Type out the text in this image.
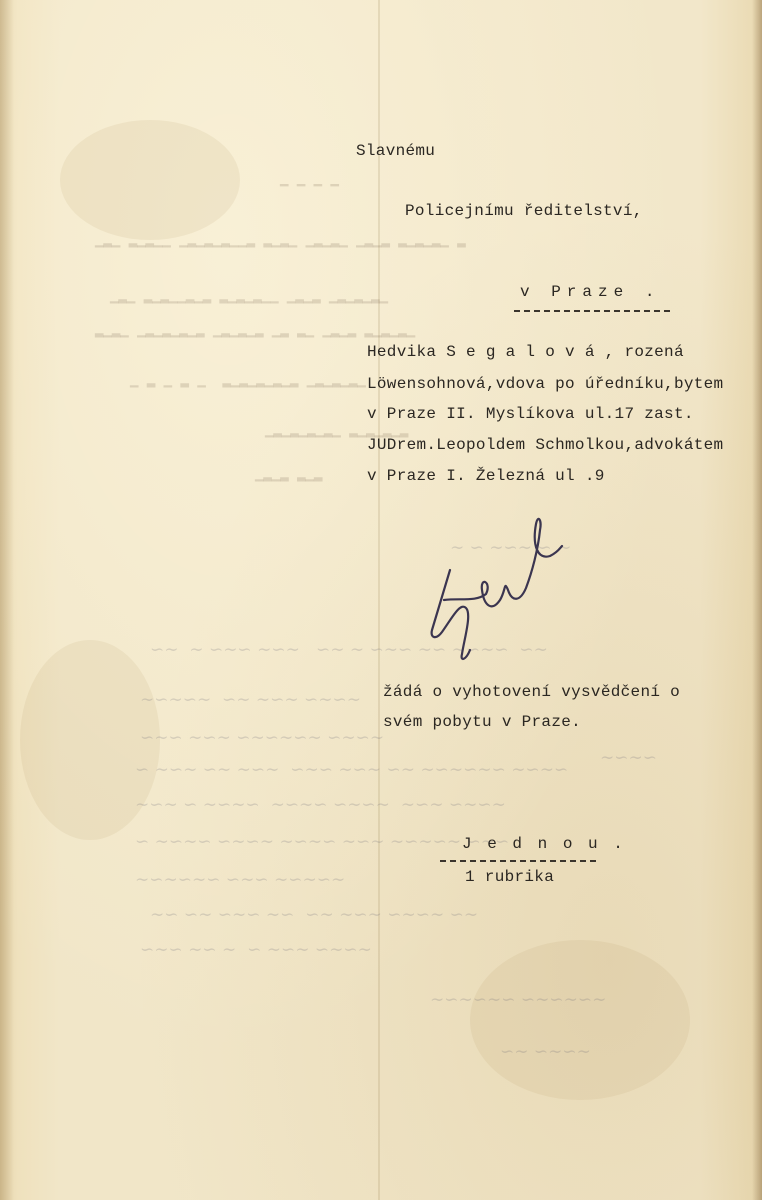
━ ━ ━ ━
▁▂▁ ▂▁▂▁▁ ▁▂▁▂▁▂▁▁▂ ▂▁▂▁ ▁▂▁▂▁ ▁▂▁▂ ▂▁▂▁▂▁ ▂
▁▂▁ ▂▁▂▁▁▂▁▂ ▂▁▂▁▂▁▁ ▁▂▁▂ ▁▂▁▂▁▂▁
▂▁▂▁ ▁▂▁▂▁▂▁▂ ▁▂▁▂▁▂ ▁▂ ▂▁ ▁▂▁▂ ▂▁▂▁▂▁
▁ ▂ ▁ ▂ ▁  ▂▁▂▁▂▁▂▁▂ ▁▂▁▂▁▂▁
▁▂▁▂▁▂▁▂▁ ▂▁▂▁▂▁▂
▁▂▁▂ ▂▁▂
∼ ∽ ∼∽∼ ∽ ∼
∽∼  ∼ ∽∼∽ ∼∽∼   ∽∼ ∼ ∽∼∽ ∼∽ ∼∽∼∽  ∽∼
∼∽∼∽∼  ∽∼ ∼∽∼ ∽∼∽∼
∽∼∽ ∼∽∼ ∽∼∽∼∽∼ ∽∼∽∼
∼∽∼∽
∽ ∼∽∼ ∽∼ ∼∽∼  ∽∼∽ ∼∽∼ ∽∼ ∼∽∼∽∼∽ ∼∽∼∽
∼∽∼ ∽ ∼∽∼∽  ∼∽∼∽ ∽∼∽∼  ∼∽∼ ∽∼∽∼
∽ ∼∽∼∽ ∽∼∽∼ ∼∽∼∽ ∼∽∼ ∼∽∼∽∼ ∽∼∽
∼∽∼∽∼∽ ∽∼∽ ∼∽∼∽∼
∼∽ ∽∼ ∽∼∽ ∼∽  ∽∼ ∼∽∼ ∽∼∽∼ ∽∼
∽∼∽ ∼∽ ∼  ∽ ∼∽∼ ∽∼∽∼
∼∽∼∽∼∽ ∽∼∽∼∽∼
∽∼ ∽∼∽∼
Slavnému
Policejnímu ředitelství,
v Praze .
Hedvika S e g a l o v á , rozená
Löwensohnová,vdova po úředníku,bytem
v Praze II. Myslíkova ul.17 zast.
JUDrem.Leopoldem Schmolkou,advokátem
v Praze I. Železná ul .9
žádá o vyhotovení vysvědčení o
svém pobytu v Praze.
J e d n o u .
1 rubrika
